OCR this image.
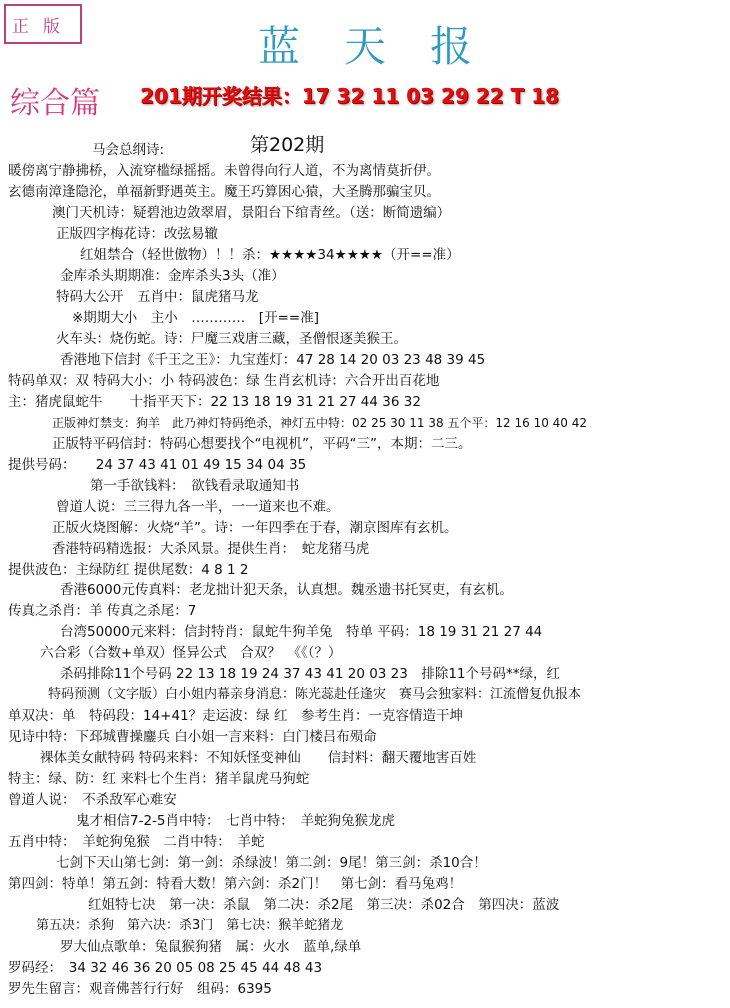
正版	蓝天报
综合篇 201期开奖结果：17 32 11 03 29 22 T 18
第202期
马会总纲诗:
暖傍离宁静拂桥，入流穿槛绿摇摇。未曾得向行人道，不为离情莫折伊。
玄德南漳逢隐沦，单福新野遇英主。魔王巧算困心猿，大圣腾那骗宝贝。
澳门天机诗：疑碧池边敛翠眉，景阳台下绾青丝。（送：断简遗编）
正版四字梅花诗：改弦易辙
红姐禁合（轻世傲物）！！杀：★★★★34★★★★（开==准）
金库杀头期期准：金库杀头3头（准）
特码大公开　五肖中：鼠虎猪马龙
※期期大小　主小　…………　[开==准]
火车头：烧伤蛇。诗：尸魔三戏唐三藏，圣僧恨逐美猴王。
香港地下信封《千王之王》：九宝莲灯：47 28 14 20 03 23 48 39 45
特码单双：双 特码大小：小 特码波色：绿 生肖玄机诗：六合开出百花地
主：猪虎鼠蛇牛　　十指平天下：22 13 18 19 31 21 27 44 36 32
正版神灯禁支：狗羊　此乃神灯特码绝杀，神灯五中特：02 25 30 11 38 五个平：12 16 10 40 42
正版特平码信封：特码心想要找个“电视机”，平码“三”，本期：二三。
提供号码：　　24 37 43 41 01 49 15 34 04 35
第一手欲钱料：　欲钱看录取通知书
曾道人说：三三得九各一半，一一道来也不难。
正版火烧图解：火烧“羊”。诗：一年四季在于春，潮京图库有玄机。
香港特码精选报：大杀风景。提供生肖：　蛇龙猪马虎
提供波色：主绿防红 提供尾数：4 8 1 2
香港6000元传真料：老龙拙计犯天条，认真想。魏丞遗书托冥吏，有玄机。
传真之杀肖：羊 传真之杀尾：7
台湾50000元来料：信封特肖：鼠蛇牛狗羊兔　特单 平码：18 19 31 21 27 44
六合彩（合数+单双）怪异公式　合双？　《《（？）
杀码排除11个号码 22 13 18 19 24 37 43 41 20 03 23　排除11个号码**绿，红
特码预测（文字版）白小姐内幕亲身消息：陈光蕊赴任逢灾　赛马会独家料：江流僧复仇报本
单双决：单　特码段：14+41？走运波：绿 红　参考生肖：一克容情造干坤
见诗中特：下邳城曹操鏖兵 白小姐一言来料：白门楼吕布殒命
裸体美女献特码 特码来料：不知妖怪变神仙　　信封料：翻天覆地害百姓
特主：绿、防：红 来料七个生肖：猪羊鼠虎马狗蛇
曾道人说：　不杀敌军心难安
鬼才相信7-2-5肖中特：　七肖中特：　羊蛇狗兔猴龙虎
五肖中特：　羊蛇狗兔猴　二肖中特：　羊蛇
七剑下天山第七剑：第一剑：杀绿波！第二剑：9尾！第三剑：杀10合！
第四剑：特单！第五剑：特看大数！第六剑：杀2门！　第七剑：看马兔鸡！
红姐特七决　第一决：杀鼠　第二决：杀2尾　第三决：杀02合　第四决：蓝波
第五决：杀狗　第六决：杀3门　第七决：猴羊蛇猪龙
罗大仙点歌单：兔鼠猴狗猪　属：火水　蓝单,绿单
罗码经：　34 32 46 36 20 05 08 25 45 44 48 43
罗先生留言：观音佛菩行行好　组码：6395
